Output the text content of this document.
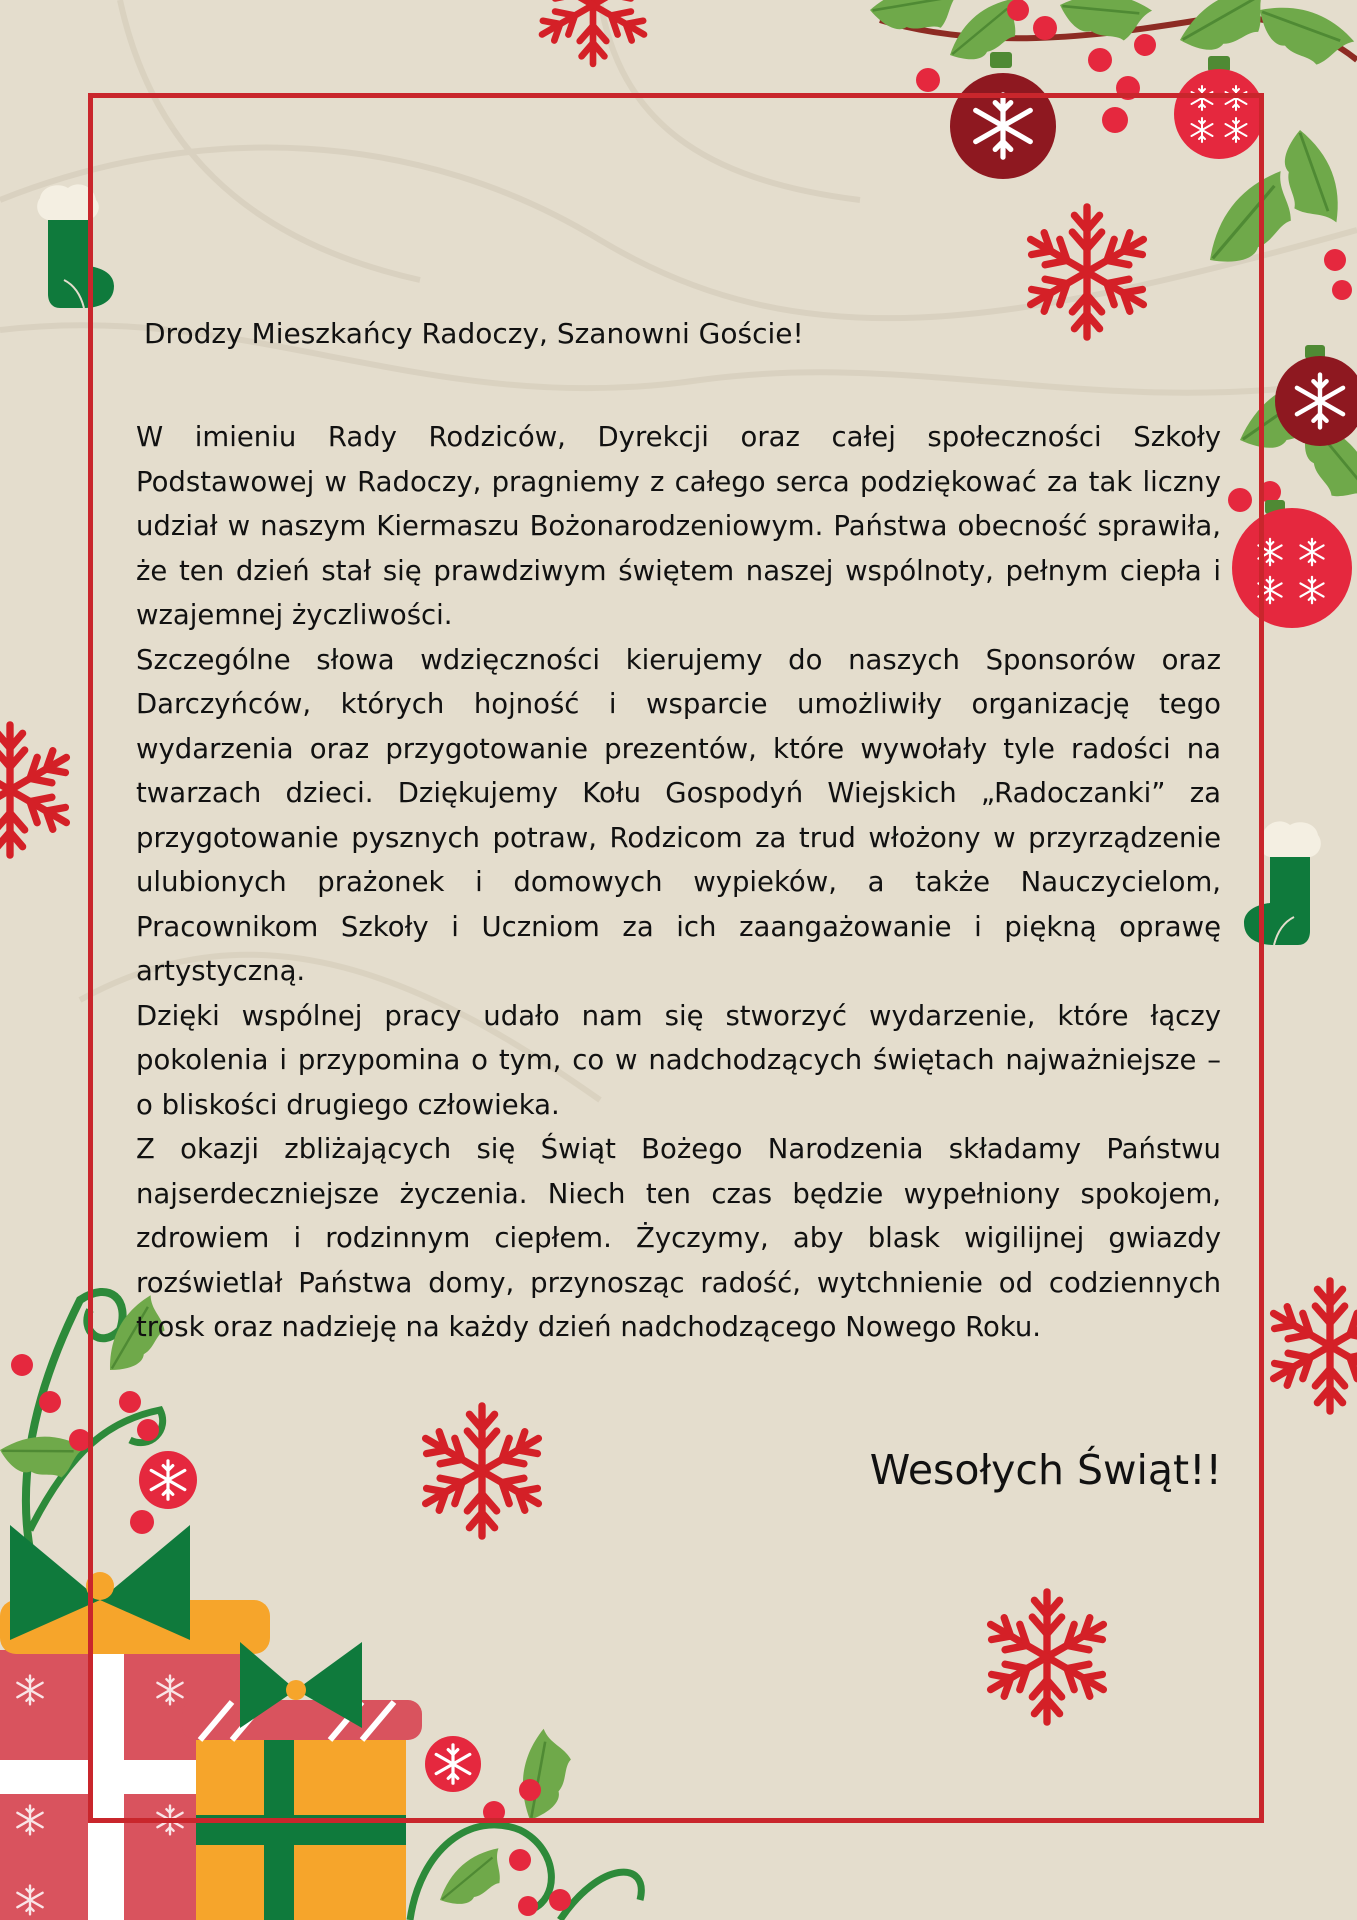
Drodzy Mieszkańcy Radoczy, Szanowni Goście!

W imieniu Rady Rodziców, Dyrekcji oraz całej społeczności Szkoły Podstawowej w Radoczy, pragniemy z całego serca podziękować za tak liczny udział w naszym Kiermaszu Bożonarodzeniowym. Państwa obecność sprawiła, że ten dzień stał się prawdziwym świętem naszej wspólnoty, pełnym ciepła i wzajemnej życzliwości.

Szczególne słowa wdzięczności kierujemy do naszych Sponsorów oraz Darczyńców, których hojność i wsparcie umożliwiły organizację tego wydarzenia oraz przygotowanie prezentów, które wywołały tyle radości na twarzach dzieci. Dziękujemy Kołu Gospodyń Wiejskich „Radoczanki” za przygotowanie pysznych potraw, Rodzicom za trud włożony w przyrządzenie ulubionych prażonek i domowych wypieków, a także Nauczycielom, Pracownikom Szkoły i Uczniom za ich zaangażowanie i piękną oprawę artystyczną.

Dzięki wspólnej pracy udało nam się stworzyć wydarzenie, które łączy pokolenia i przypomina o tym, co w nadchodzących świętach najważniejsze – o bliskości drugiego człowieka.

Z okazji zbliżających się Świąt Bożego Narodzenia składamy Państwu najserdeczniejsze życzenia. Niech ten czas będzie wypełniony spokojem, zdrowiem i rodzinnym ciepłem. Życzymy, aby blask wigilijnej gwiazdy rozświetlał Państwa domy, przynosząc radość, wytchnienie od codziennych trosk oraz nadzieję na każdy dzień nadchodzącego Nowego Roku.

Wesołych Świąt!!
